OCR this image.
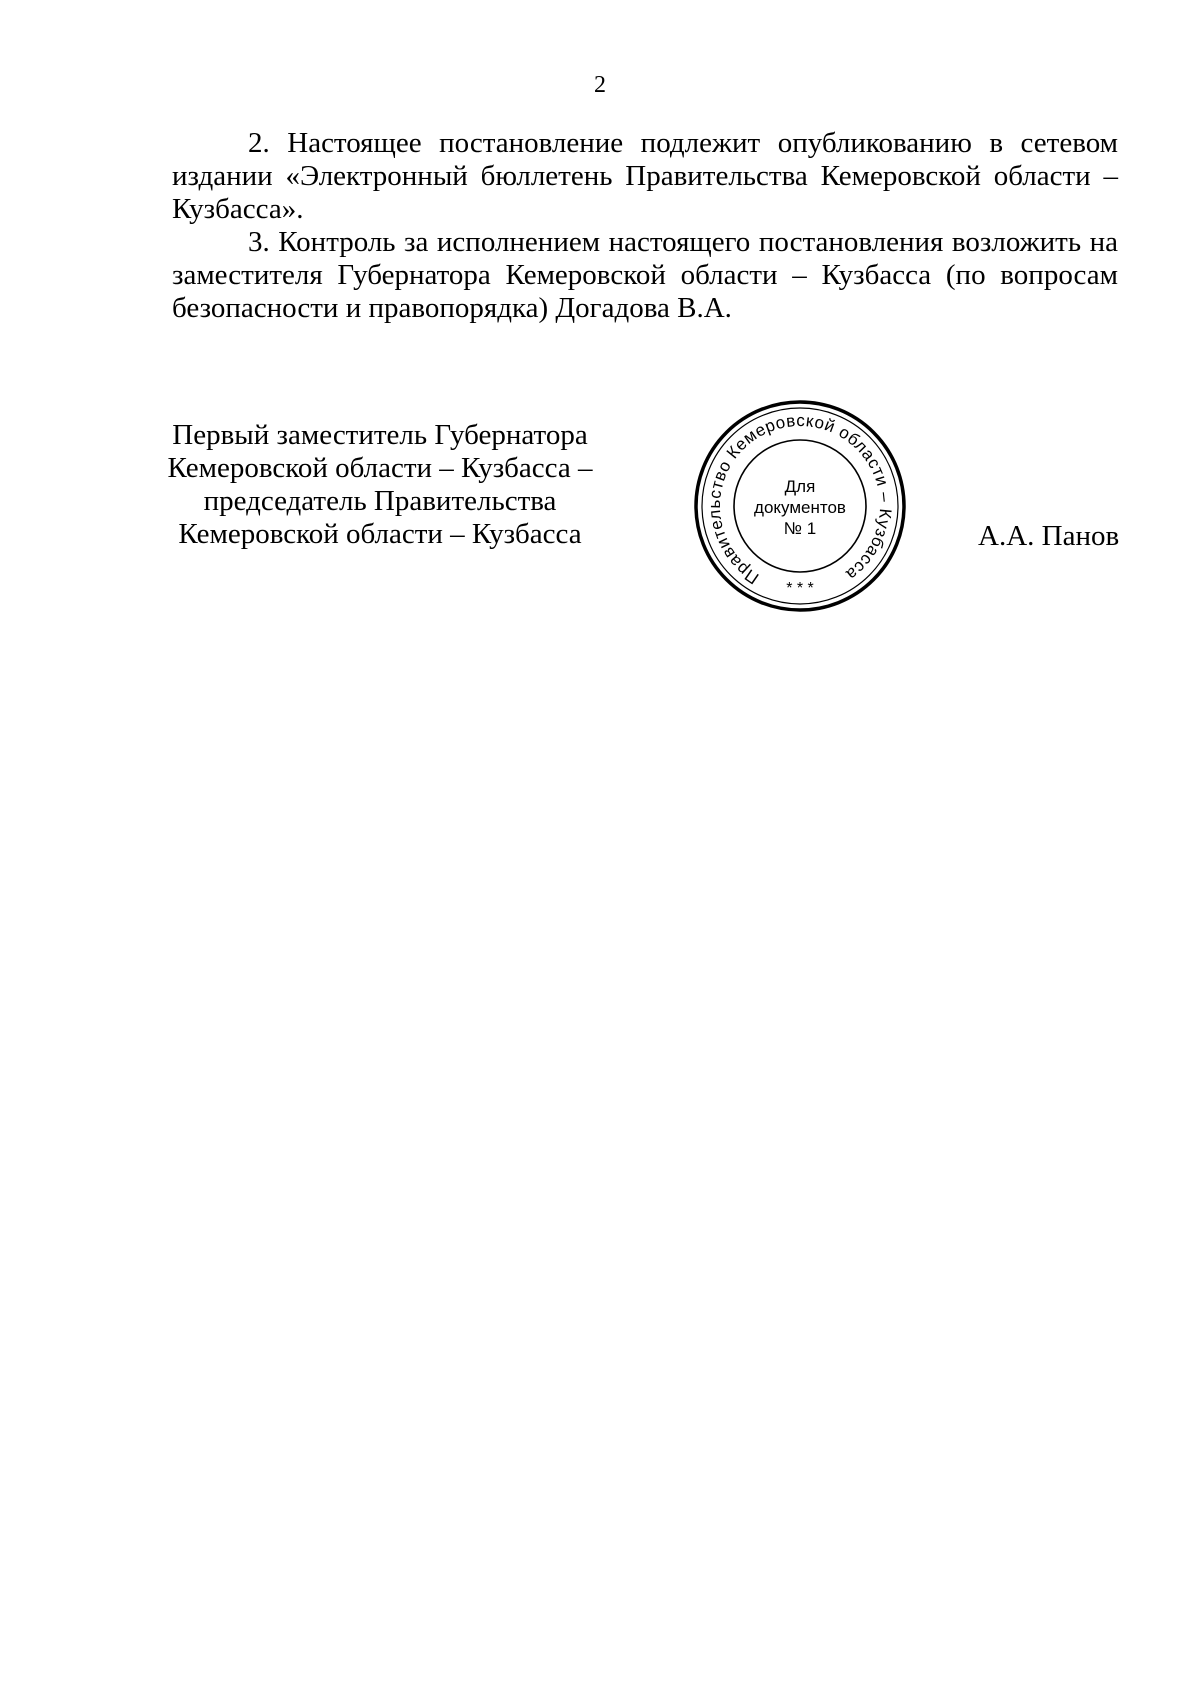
2

2. Настоящее постановление подлежит опубликованию в сетевом издании «Электронный бюллетень Правительства Кемеровской области – Кузбасса».

3. Контроль за исполнением настоящего постановления возложить на заместителя Губернатора Кемеровской области – Кузбасса (по вопросам безопасности и правопорядка) Догадова В.А.

Первый заместитель Губернатора
Кемеровской области – Кузбасса –
председатель Правительства
Кемеровской области – Кузбасса
Правительство Кемеровской области – Кузбасса
* * *
Для
документов
№ 1	А.А. Панов
